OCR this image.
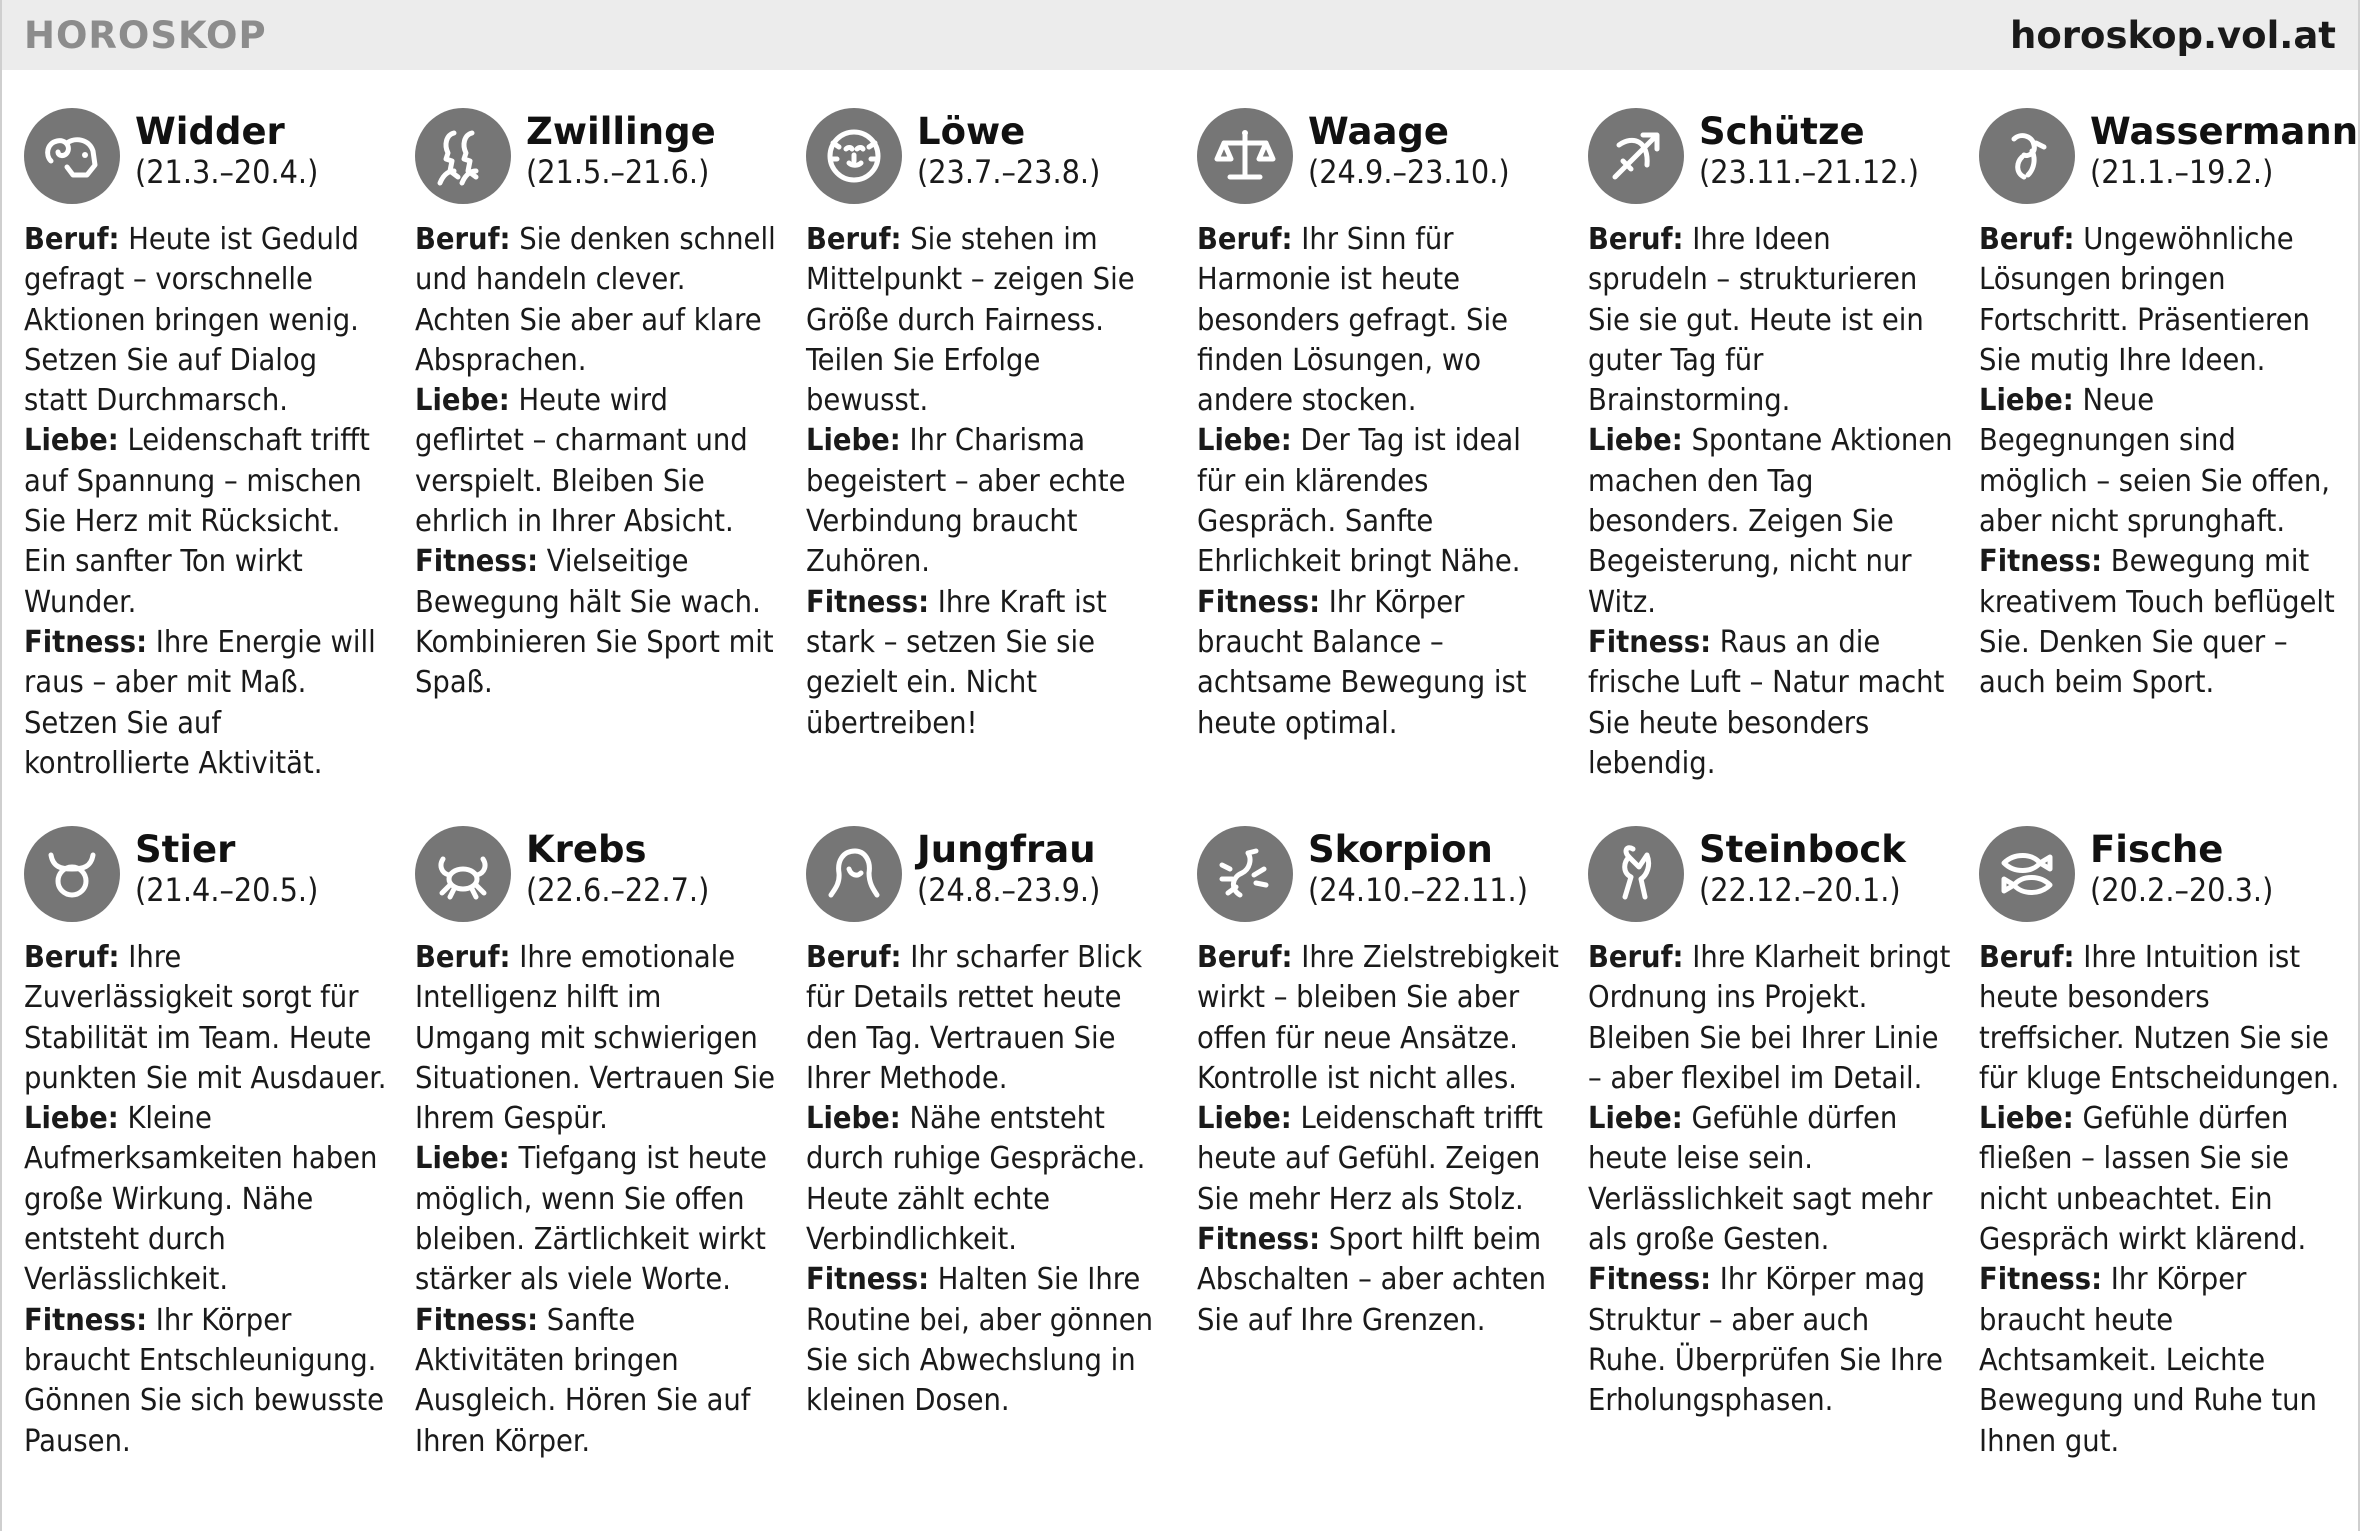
HOROSKOP	horoskop.vol.at
Widder
(21.3.–20.4.)
Beruf: Heute ist Geduld gefragt – vorschnelle Aktionen bringen wenig. Setzen Sie auf Dialog statt Durchmarsch.
Liebe: Leidenschaft trifft auf Spannung – mischen Sie Herz mit Rücksicht. Ein sanfter Ton wirkt Wunder.
Fitness: Ihre Energie will raus – aber mit Maß. Setzen Sie auf kontrollierte Aktivität.
Zwillinge
(21.5.–21.6.)
Beruf: Sie denken schnell und handeln clever. Achten Sie aber auf klare Absprachen.
Liebe: Heute wird geflirtet – charmant und verspielt. Bleiben Sie ehrlich in Ihrer Absicht.
Fitness: Vielseitige Bewegung hält Sie wach. Kombinieren Sie Sport mit Spaß.
Löwe
(23.7.–23.8.)
Beruf: Sie stehen im Mittelpunkt – zeigen Sie Größe durch Fairness. Teilen Sie Erfolge bewusst.
Liebe: Ihr Charisma begeistert – aber echte Verbindung braucht Zuhören.
Fitness: Ihre Kraft ist stark – setzen Sie sie gezielt ein. Nicht übertreiben!
Waage
(24.9.–23.10.)
Beruf: Ihr Sinn für Harmonie ist heute besonders gefragt. Sie finden Lösungen, wo andere stocken.
Liebe: Der Tag ist ideal für ein klärendes Gespräch. Sanfte Ehrlichkeit bringt Nähe.
Fitness: Ihr Körper braucht Balance – achtsame Bewegung ist heute optimal.
Schütze
(23.11.–21.12.)
Beruf: Ihre Ideen sprudeln – strukturieren Sie sie gut. Heute ist ein guter Tag für Brainstorming.
Liebe: Spontane Aktionen machen den Tag besonders. Zeigen Sie Begeisterung, nicht nur Witz.
Fitness: Raus an die frische Luft – Natur macht Sie heute besonders lebendig.
Wassermann
(21.1.–19.2.)
Beruf: Ungewöhnliche Lösungen bringen Fortschritt. Präsentieren Sie mutig Ihre Ideen.
Liebe: Neue Begegnungen sind möglich – seien Sie offen, aber nicht sprunghaft.
Fitness: Bewegung mit kreativem Touch beflügelt Sie. Denken Sie quer – auch beim Sport.
Stier
(21.4.–20.5.)
Beruf: Ihre Zuverlässigkeit sorgt für Stabilität im Team. Heute punkten Sie mit Ausdauer.
Liebe: Kleine Aufmerksamkeiten haben große Wirkung. Nähe entsteht durch Verlässlichkeit.
Fitness: Ihr Körper braucht Entschleunigung. Gönnen Sie sich bewusste Pausen.
Krebs
(22.6.–22.7.)
Beruf: Ihre emotionale Intelligenz hilft im Umgang mit schwierigen Situationen. Vertrauen Sie Ihrem Gespür.
Liebe: Tiefgang ist heute möglich, wenn Sie offen bleiben. Zärtlichkeit wirkt stärker als viele Worte.
Fitness: Sanfte Aktivitäten bringen Ausgleich. Hören Sie auf Ihren Körper.
Jungfrau
(24.8.–23.9.)
Beruf: Ihr scharfer Blick für Details rettet heute den Tag. Vertrauen Sie Ihrer Methode.
Liebe: Nähe entsteht durch ruhige Gespräche. Heute zählt echte Verbindlichkeit.
Fitness: Halten Sie Ihre Routine bei, aber gönnen Sie sich Abwechslung in kleinen Dosen.
Skorpion
(24.10.–22.11.)
Beruf: Ihre Zielstrebigkeit wirkt – bleiben Sie aber offen für neue Ansätze. Kontrolle ist nicht alles.
Liebe: Leidenschaft trifft heute auf Gefühl. Zeigen Sie mehr Herz als Stolz.
Fitness: Sport hilft beim Abschalten – aber achten Sie auf Ihre Grenzen.
Steinbock
(22.12.–20.1.)
Beruf: Ihre Klarheit bringt Ordnung ins Projekt. Bleiben Sie bei Ihrer Linie – aber flexibel im Detail.
Liebe: Gefühle dürfen heute leise sein. Verlässlichkeit sagt mehr als große Gesten.
Fitness: Ihr Körper mag Struktur – aber auch Ruhe. Überprüfen Sie Ihre Erholungsphasen.
Fische
(20.2.–20.3.)
Beruf: Ihre Intuition ist heute besonders treffsicher. Nutzen Sie sie für kluge Entscheidungen.
Liebe: Gefühle dürfen fließen – lassen Sie sie nicht unbeachtet. Ein Gespräch wirkt klärend.
Fitness: Ihr Körper braucht heute Achtsamkeit. Leichte Bewegung und Ruhe tun Ihnen gut.
